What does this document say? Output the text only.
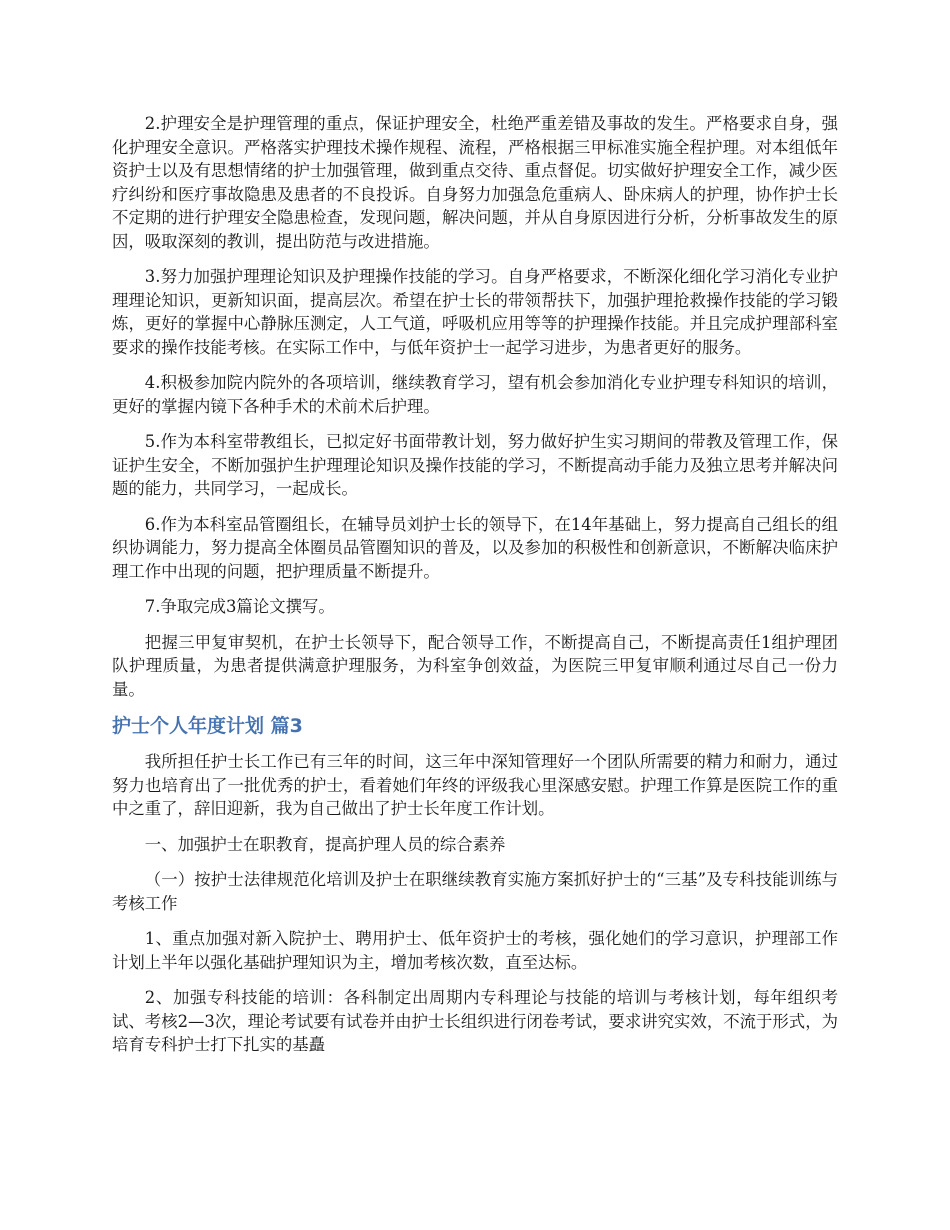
2.护理安全是护理管理的重点，保证护理安全，杜绝严重差错及事故的发生。严格要求自身，强化护理安全意识。严格落实护理技术操作规程、流程，严格根据三甲标准实施全程护理。对本组低年资护士以及有思想情绪的护士加强管理，做到重点交待、重点督促。切实做好护理安全工作，减少医疗纠纷和医疗事故隐患及患者的不良投诉。自身努力加强急危重病人、卧床病人的护理，协作护士长不定期的进行护理安全隐患检查，发现问题，解决问题，并从自身原因进行分析，分析事故发生的原因，吸取深刻的教训，提出防范与改进措施。

3.努力加强护理理论知识及护理操作技能的学习。自身严格要求，不断深化细化学习消化专业护理理论知识，更新知识面，提高层次。希望在护士长的带领帮扶下，加强护理抢救操作技能的学习锻炼，更好的掌握中心静脉压测定，人工气道，呼吸机应用等等的护理操作技能。并且完成护理部科室要求的操作技能考核。在实际工作中，与低年资护士一起学习进步，为患者更好的服务。

4.积极参加院内院外的各项培训，继续教育学习，望有机会参加消化专业护理专科知识的培训，更好的掌握内镜下各种手术的术前术后护理。

5.作为本科室带教组长，已拟定好书面带教计划，努力做好护生实习期间的带教及管理工作，保证护生安全，不断加强护生护理理论知识及操作技能的学习，不断提高动手能力及独立思考并解决问题的能力，共同学习，一起成长。

6.作为本科室品管圈组长，在辅导员刘护士长的领导下，在14年基础上，努力提高自己组长的组织协调能力，努力提高全体圈员品管圈知识的普及，以及参加的积极性和创新意识，不断解决临床护理工作中出现的问题，把护理质量不断提升。

7.争取完成3篇论文撰写。

把握三甲复审契机，在护士长领导下，配合领导工作，不断提高自己，不断提高责任1组护理团队护理质量，为患者提供满意护理服务，为科室争创效益，为医院三甲复审顺利通过尽自己一份力量。

护士个人年度计划 篇3

我所担任护士长工作已有三年的时间，这三年中深知管理好一个团队所需要的精力和耐力，通过努力也培育出了一批优秀的护士，看着她们年终的评级我心里深感安慰。护理工作算是医院工作的重中之重了，辞旧迎新，我为自己做出了护士长年度工作计划。

一、加强护士在职教育，提高护理人员的综合素养

（一）按护士法律规范化培训及护士在职继续教育实施方案抓好护士的“三基”及专科技能训练与考核工作

1、重点加强对新入院护士、聘用护士、低年资护士的考核，强化她们的学习意识，护理部工作计划上半年以强化基础护理知识为主，增加考核次数，直至达标。

2、加强专科技能的培训：各科制定出周期内专科理论与技能的培训与考核计划，每年组织考试、考核2—3次，理论考试要有试卷并由护士长组织进行闭卷考试，要求讲究实效，不流于形式，为培育专科护士打下扎实的基矗
